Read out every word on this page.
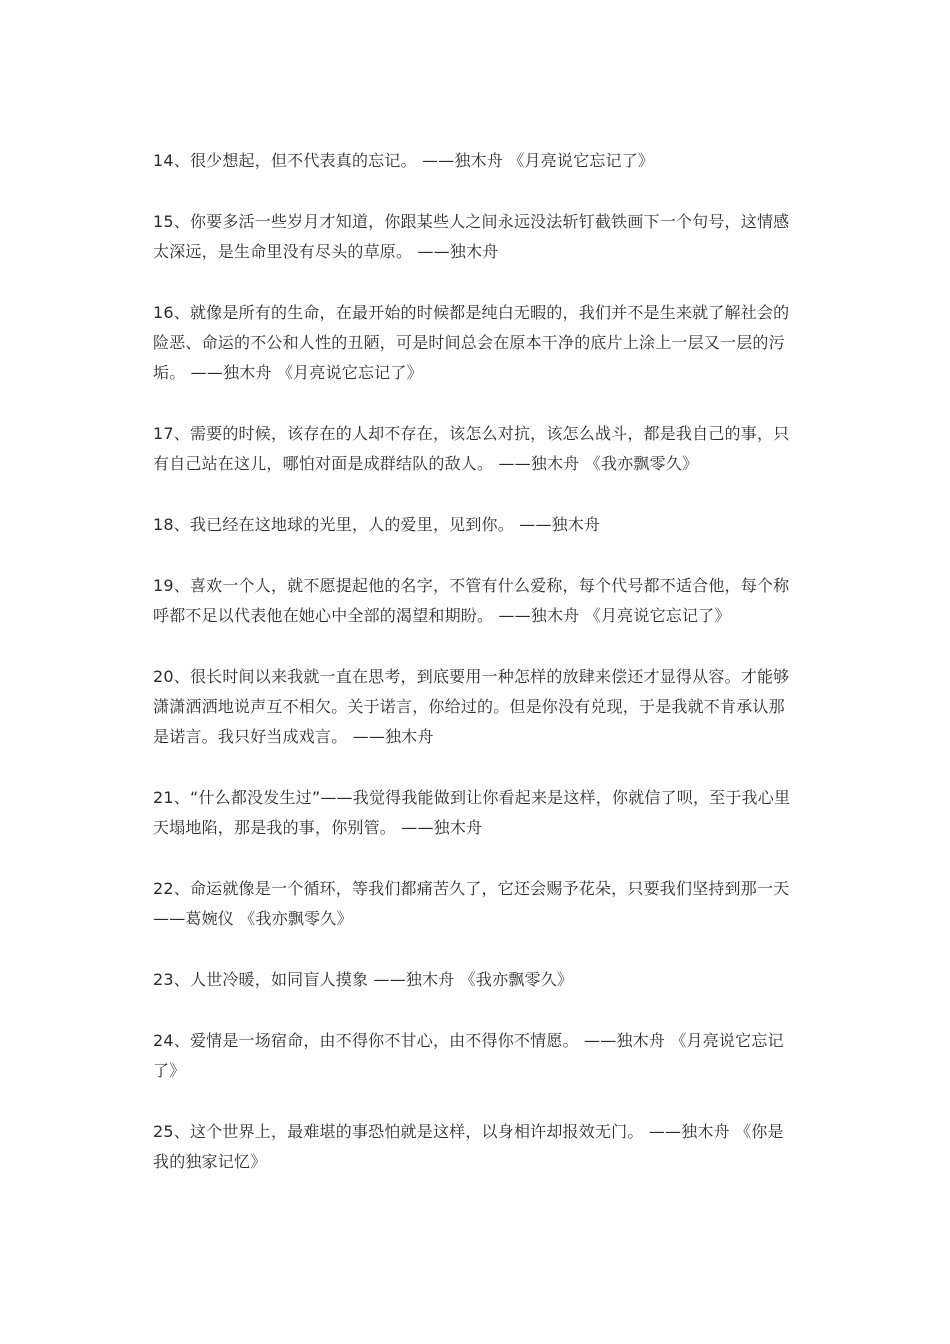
14、很少想起，但不代表真的忘记。 ——独木舟 《月亮说它忘记了》

15、你要多活一些岁月才知道，你跟某些人之间永远没法斩钉截铁画下一个句号，这情感太深远，是生命里没有尽头的草原。 ——独木舟

16、就像是所有的生命，在最开始的时候都是纯白无暇的，我们并不是生来就了解社会的险恶、命运的不公和人性的丑陋，可是时间总会在原本干净的底片上涂上一层又一层的污垢。 ——独木舟 《月亮说它忘记了》

17、需要的时候，该存在的人却不存在，该怎么对抗，该怎么战斗，都是我自己的事，只有自己站在这儿，哪怕对面是成群结队的敌人。 ——独木舟 《我亦飘零久》

18、我已经在这地球的光里，人的爱里，见到你。 ——独木舟

19、喜欢一个人，就不愿提起他的名字，不管有什么爱称，每个代号都不适合他，每个称呼都不足以代表他在她心中全部的渴望和期盼。 ——独木舟 《月亮说它忘记了》

20、很长时间以来我就一直在思考，到底要用一种怎样的放肆来偿还才显得从容。才能够潇潇洒洒地说声互不相欠。关于诺言，你给过的。但是你没有兑现，于是我就不肯承认那是诺言。我只好当成戏言。 ——独木舟

21、“什么都没发生过”——我觉得我能做到让你看起来是这样，你就信了呗，至于我心里天塌地陷，那是我的事，你别管。 ——独木舟

22、命运就像是一个循环，等我们都痛苦久了，它还会赐予花朵，只要我们坚持到那一天 ——葛婉仪 《我亦飘零久》

23、人世冷暖，如同盲人摸象 ——独木舟 《我亦飘零久》

24、爱情是一场宿命，由不得你不甘心，由不得你不情愿。 ——独木舟 《月亮说它忘记了》

25、这个世界上，最难堪的事恐怕就是这样，以身相许却报效无门。 ——独木舟 《你是我的独家记忆》
